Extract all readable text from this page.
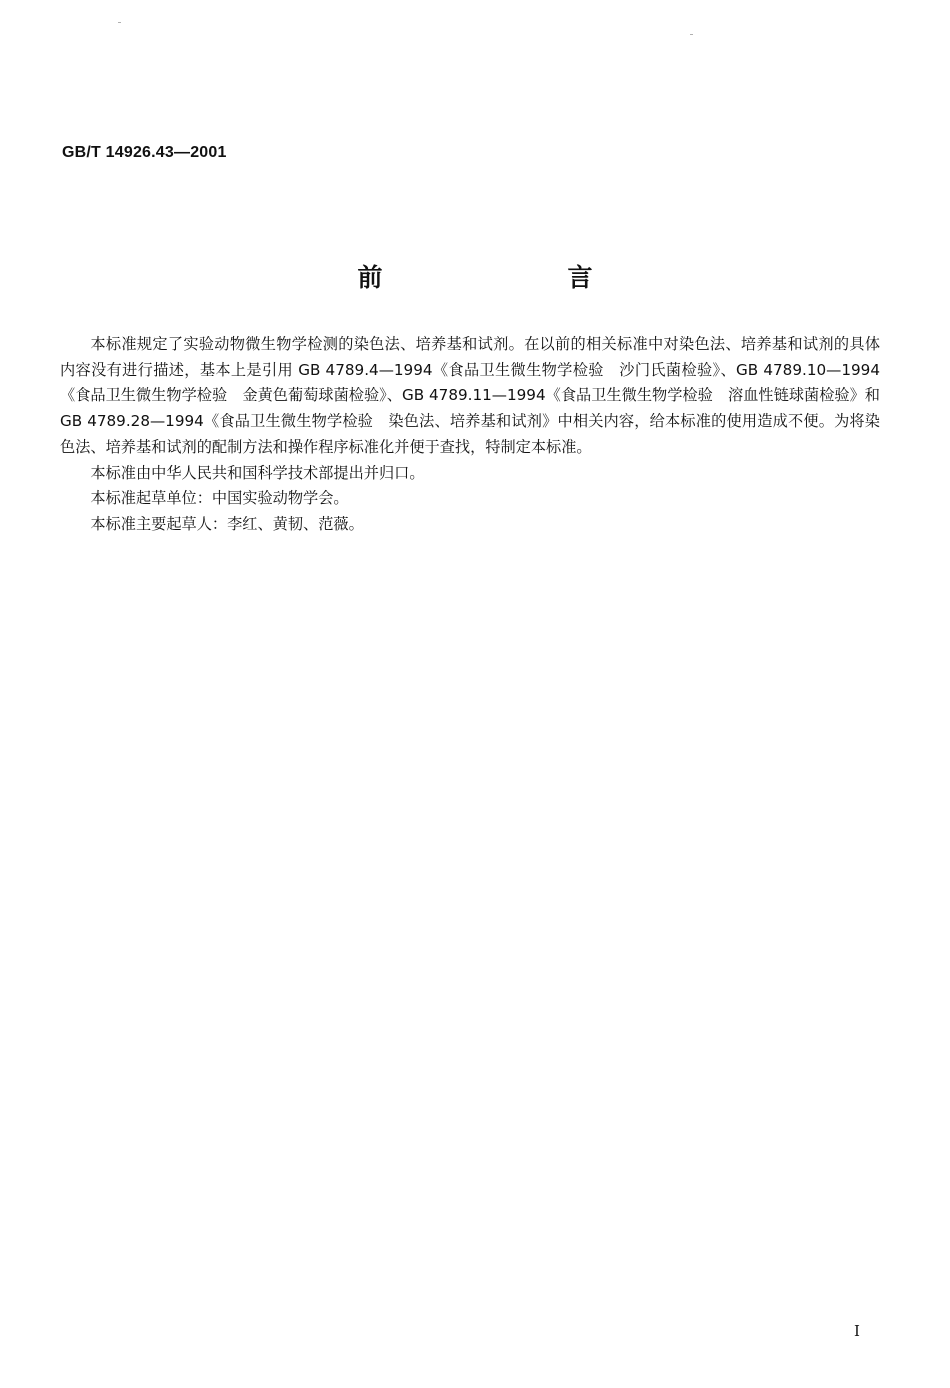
GB/T 14926.43—2001
前　言

本标准规定了实验动物微生物学检测的染色法、培养基和试剂。在以前的相关标准中对染色法、培养基和试剂的具体内容没有进行描述，基本上是引用 GB 4789.4—1994《食品卫生微生物学检验　沙门氏菌检验》、GB 4789.10—1994《食品卫生微生物学检验　金黄色葡萄球菌检验》、GB 4789.11—1994《食品卫生微生物学检验　溶血性链球菌检验》和 GB 4789.28—1994《食品卫生微生物学检验　染色法、培养基和试剂》中相关内容，给本标准的使用造成不便。为将染色法、培养基和试剂的配制方法和操作程序标准化并便于查找，特制定本标准。

本标准由中华人民共和国科学技术部提出并归口。

本标准起草单位：中国实验动物学会。

本标准主要起草人：李红、黄韧、范薇。

I
